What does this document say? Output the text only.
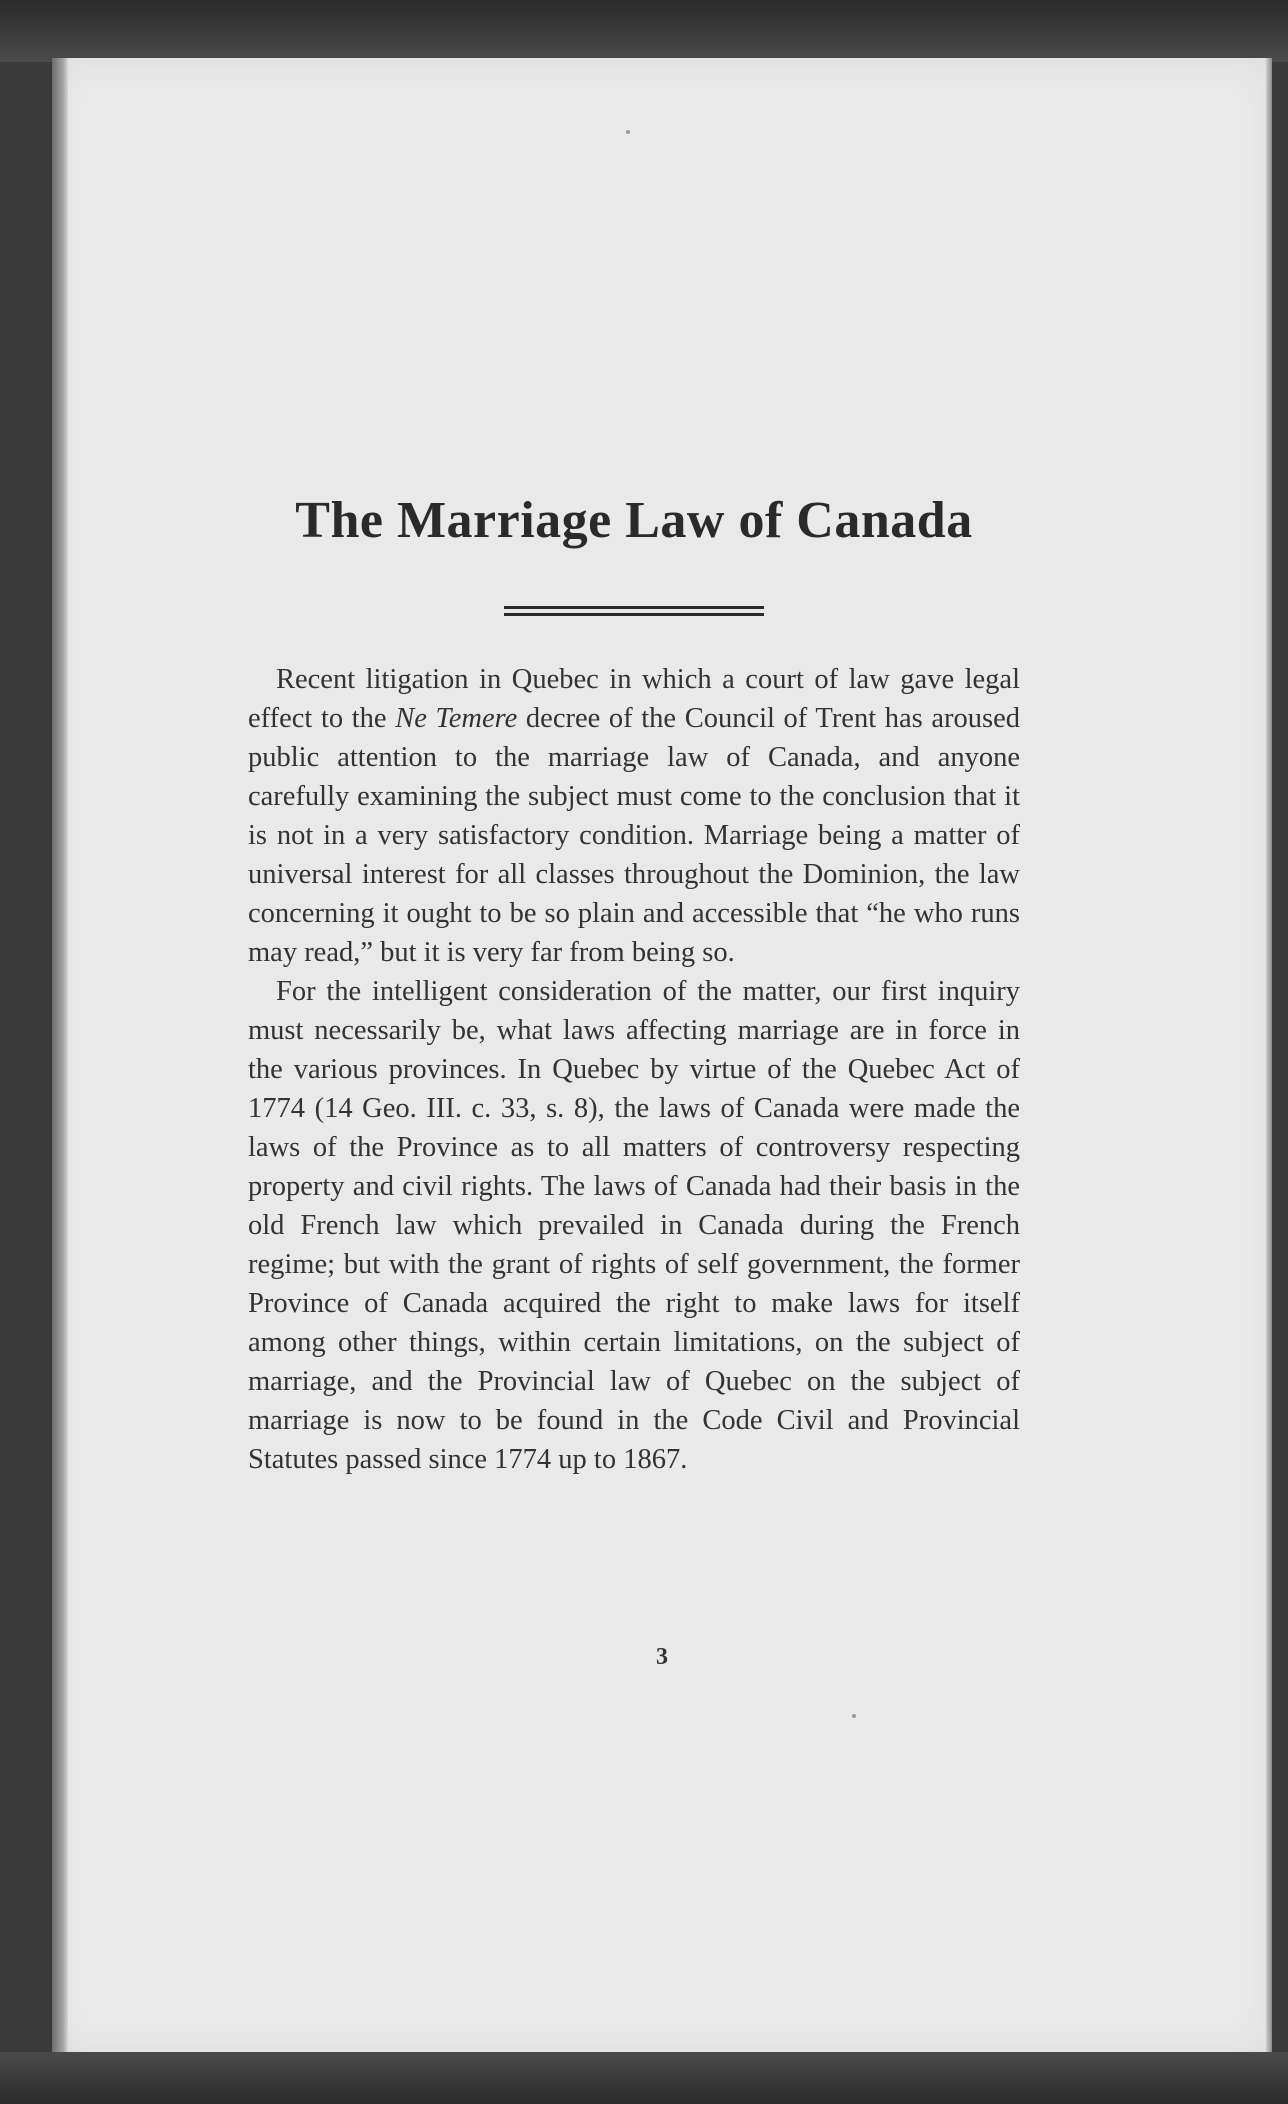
The Marriage Law of Canada

Recent litigation in Quebec in which a court of law gave legal effect to the Ne Temere decree of the Council of Trent has aroused public attention to the marriage law of Canada, and anyone carefully examining the subject must come to the conclusion that it is not in a very satisfactory condition. Marriage being a matter of universal interest for all classes throughout the Dominion, the law concerning it ought to be so plain and accessible that “he who runs may read,” but it is very far from being so.

For the intelligent consideration of the matter, our first inquiry must necessarily be, what laws affecting marriage are in force in the various provinces. In Quebec by virtue of the Quebec Act of 1774 (14 Geo. III. c. 33, s. 8), the laws of Canada were made the laws of the Province as to all matters of controversy respecting property and civil rights. The laws of Canada had their basis in the old French law which prevailed in Canada during the French regime; but with the grant of rights of self government, the former Province of Canada acquired the right to make laws for itself among other things, within certain limitations, on the subject of marriage, and the Provincial law of Quebec on the subject of marriage is now to be found in the Code Civil and Provincial Statutes passed since 1774 up to 1867.

3
